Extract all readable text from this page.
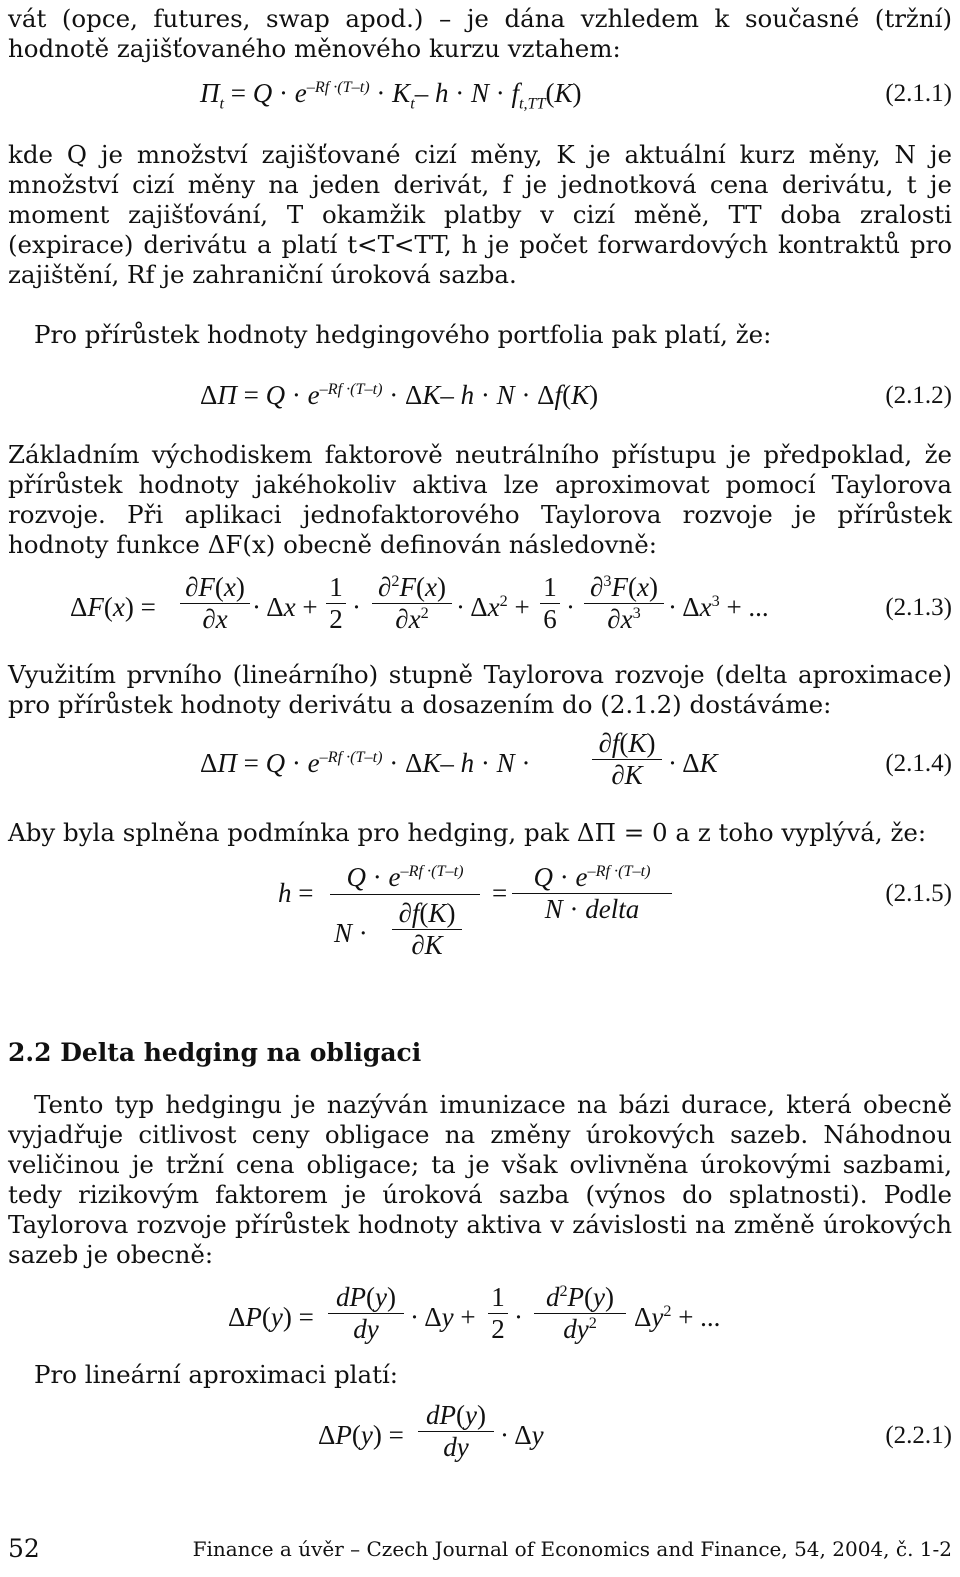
vát (opce, futures, swap apod.) – je dána vzhledem k současné (tržní) hodnotě zajišťovaného měnového kurzu vztahem:

$\Pi_t = Q \cdot e^{-Rf \cdot(T-t)} \cdot K_t-$ $h \cdot N \cdot f_{t,TT}(K)$	(2.1.1)

kde Q je množství zajišťované cizí měny, K je aktuální kurz měny, N je množství cizí měny na jeden derivát, f je jednotková cena derivátu, t je moment zajišťování, T okamžik platby v cizí měně, TT doba zralosti (expirace) derivátu a platí t<T<TT, h je počet forwardových kontraktů pro zajištění, Rf je zahraniční úroková sazba.

Pro přírůstek hodnoty hedgingového portfolia pak platí, že:

$\Delta\Pi = Q \cdot e^{-Rf \cdot(T-t)} \cdot \Delta K-$ h · N · Δf(K)	(2.1.2)

Základním východiskem faktorově neutrálního přístupu je předpoklad, že přírůstek hodnoty jakéhokoliv aktiva lze aproximovat pomocí Taylorova rozvoje. Při aplikaci jednofaktorového Taylorova rozvoje je přírůstek hodnoty funkce ΔF(x) obecně definován následovně:

ΔF(x) =
∂F(x)
∂x · Δx +
1
2 ·
∂$^2$F(x)
$\partial x^2$	· $\Delta x^2$ +
1
6 ·
∂$^3$F(x)
$\partial x^3$	· $\Delta x^3$ + ...	(2.1.3)

Využitím prvního (lineárního) stupně Taylorova rozvoje (delta aproximace) pro přírůstek hodnoty derivátu a dosazením do (2.1.2) dostáváme:

$\Delta\Pi = Q \cdot e^{-Rf \cdot(T-t)} \cdot \Delta K-$ h · N ·
∂f(K)
∂K · ΔK	(2.1.4)

Aby byla splněna podmínka pro hedging, pak ΔΠ = 0 a z toho vyplývá, že:

h =
$Q \cdot e^{-Rf \cdot(T-t)}$
N ·
∂f(K)
∂K
=
$Q \cdot e^{-Rf \cdot(T-t)}$
N · delta
(2.1.5)
2.2 Delta hedging na obligaci

Tento typ hedgingu je nazýván imunizace na bázi durace, která obecně vyjadřuje citlivost ceny obligace na změny úrokových sazeb. Náhodnou veličinou je tržní cena obligace; ta je však ovlivněna úrokovými sazbami, tedy rizikovým faktorem je úroková sazba (výnos do splatnosti). Podle Taylorova rozvoje přírůstek hodnoty aktiva v závislosti na změně úrokových sazeb je obecně:

ΔP(y) =
dP(y)
dy	· Δy +
1
2 ·
$d^2P(y)$
$dy^2$	$\Delta y^2$ + ...

Pro lineární aproximaci platí:

ΔP(y) =
dP(y)
dy	· Δy	(2.2.1)
52	Finance a úvěr – Czech Journal of Economics and Finance, 54, 2004, č. 1-2
